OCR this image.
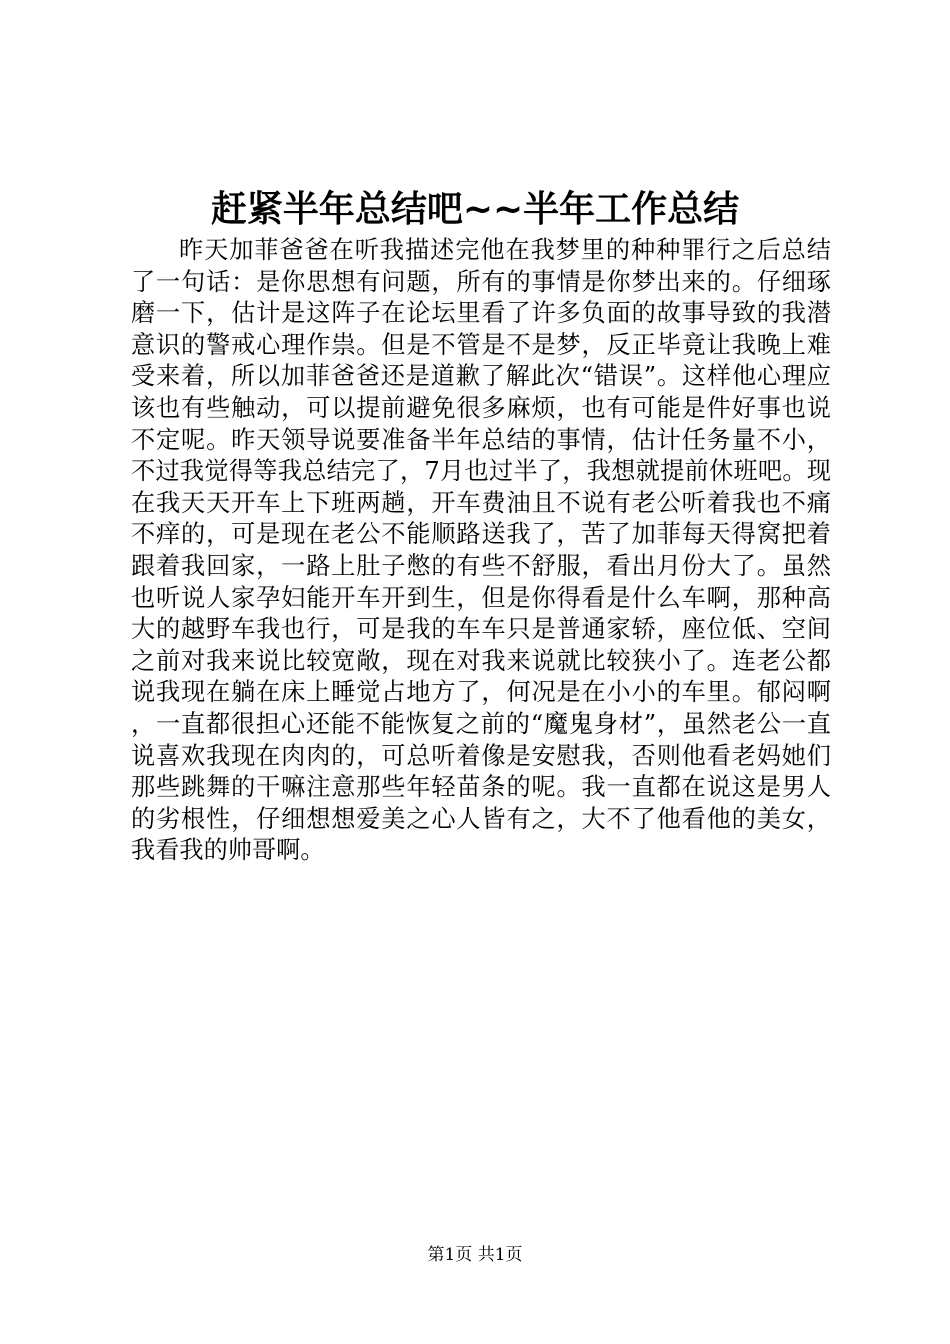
赶紧半年总结吧~~半年工作总结

昨天加菲爸爸在听我描述完他在我梦里的种种罪行之后总结了一句话：是你思想有问题，所有的事情是你梦出来的。仔细琢磨一下，估计是这阵子在论坛里看了许多负面的故事导致的我潜意识的警戒心理作祟。但是不管是不是梦，反正毕竟让我晚上难受来着，所以加菲爸爸还是道歉了解此次“错误”。这样他心理应该也有些触动，可以提前避免很多麻烦，也有可能是件好事也说不定呢。昨天领导说要准备半年总结的事情，估计任务量不小，不过我觉得等我总结完了，7月也过半了，我想就提前休班吧。现在我天天开车上下班两趟，开车费油且不说有老公听着我也不痛不痒的，可是现在老公不能顺路送我了，苦了加菲每天得窝把着跟着我回家，一路上肚子憋的有些不舒服，看出月份大了。虽然也听说人家孕妇能开车开到生，但是你得看是什么车啊，那种高大的越野车我也行，可是我的车车只是普通家轿，座位低、空间之前对我来说比较宽敞，现在对我来说就比较狭小了。连老公都说我现在躺在床上睡觉占地方了，何况是在小小的车里。郁闷啊，一直都很担心还能不能恢复之前的“魔鬼身材”，虽然老公一直说喜欢我现在肉肉的，可总听着像是安慰我，否则他看老妈她们那些跳舞的干嘛注意那些年轻苗条的呢。我一直都在说这是男人的劣根性，仔细想想爱美之心人皆有之，大不了他看他的美女，我看我的帅哥啊。

第1页 共1页
